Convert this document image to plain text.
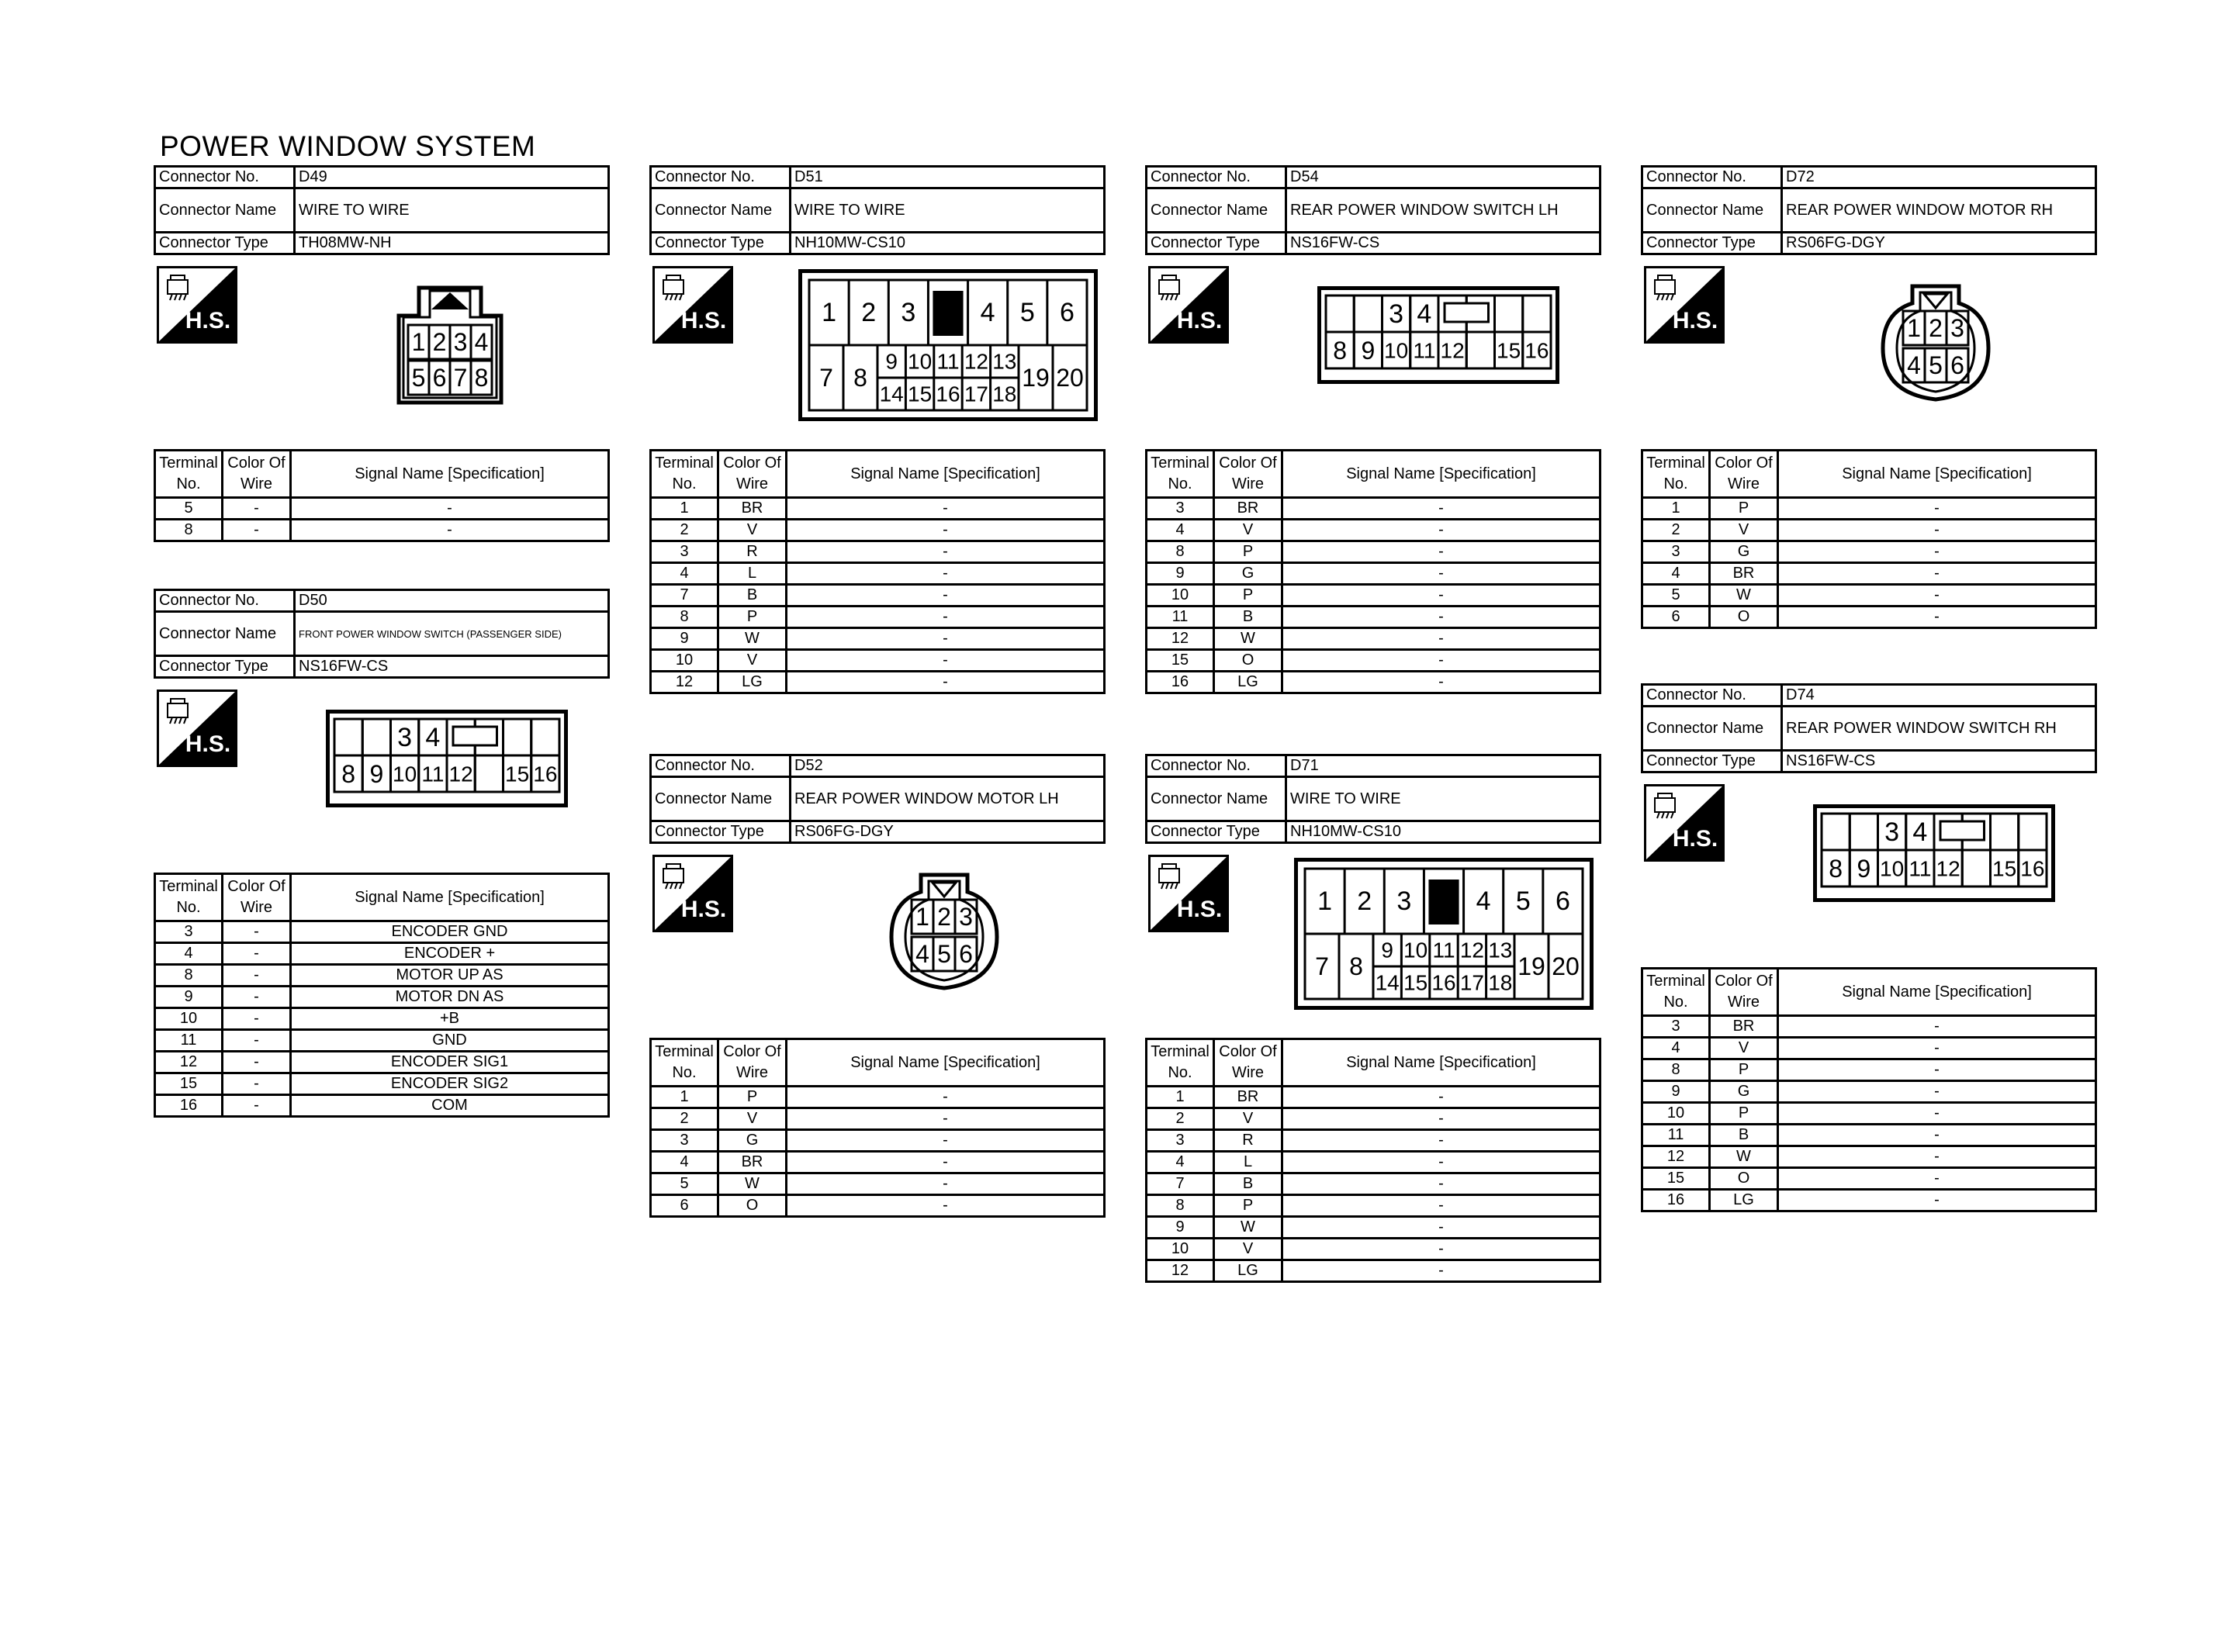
POWER WINDOW SYSTEM
Connector No.	D49
Connector Name	WIRE TO WIRE
Connector Type	TH08MW-NH
H.S.
1
5
2
6
3
7
4
8
Terminal No.	Color Of Wire	Signal Name [Specification]
5	-	-
8	-	-
Connector No.	D50
Connector Name	FRONT POWER WINDOW SWITCH (PASSENGER SIDE)
Connector Type	NS16FW-CS
H.S.	3 4
8 9 10 11 12 15 16
Terminal No.	Color Of Wire	Signal Name [Specification]
3	-	ENCODER GND
4	-	ENCODER +
8	-	MOTOR UP AS
9	-	MOTOR DN AS
10	-	+B
11	-	GND
12	-	ENCODER SIG1
15	-	ENCODER SIG2
16	-	COM
Connector No.	D51
Connector Name	WIRE TO WIRE
Connector Type	NH10MW-CS10
H.S.	1 2 3 4 5 6
7 8	19 20
9
14
10
15
11
16
12
17
13
18
Terminal No.	Color Of Wire	Signal Name [Specification]
1	BR	-
2	V	-
3	R	-
4	L	-
7	B	-
8	P	-
9	W	-
10	V	-
12	LG	-
Connector No.	D52
Connector Name	REAR POWER WINDOW MOTOR LH
Connector Type	RS06FG-DGY
H.S.	1
4
2
5
3
6
Terminal No.	Color Of Wire	Signal Name [Specification]
1	P	-
2	V	-
3	G	-
4	BR	-
5	W	-
6	O	-
Connector No.	D54
Connector Name	REAR POWER WINDOW SWITCH LH
Connector Type	NS16FW-CS
H.S.	3 4
8 9 10 11 12 15 16
Terminal No.	Color Of Wire	Signal Name [Specification]
3	BR	-
4	V	-
8	P	-
9	G	-
10	P	-
11	B	-
12	W	-
15	O	-
16	LG	-
Connector No.	D71
Connector Name	WIRE TO WIRE
Connector Type	NH10MW-CS10
H.S.	1 2 3 4 5 6
7 8	19 20
9
14
10
15
11
16
12
17
13
18
Terminal No.	Color Of Wire	Signal Name [Specification]
1	BR	-
2	V	-
3	R	-
4	L	-
7	B	-
8	P	-
9	W	-
10	V	-
12	LG	-
Connector No.	D72
Connector Name	REAR POWER WINDOW MOTOR RH
Connector Type	RS06FG-DGY
H.S.	1
4
2
5
3
6
Terminal No.	Color Of Wire	Signal Name [Specification]
1	P	-
2	V	-
3	G	-
4	BR	-
5	W	-
6	O	-
Connector No.	D74
Connector Name	REAR POWER WINDOW SWITCH RH
Connector Type	NS16FW-CS
H.S.	3 4
8 9 10 11 12 15 16
Terminal No.	Color Of Wire	Signal Name [Specification]
3	BR	-
4	V	-
8	P	-
9	G	-
10	P	-
11	B	-
12	W	-
15	O	-
16	LG	-
